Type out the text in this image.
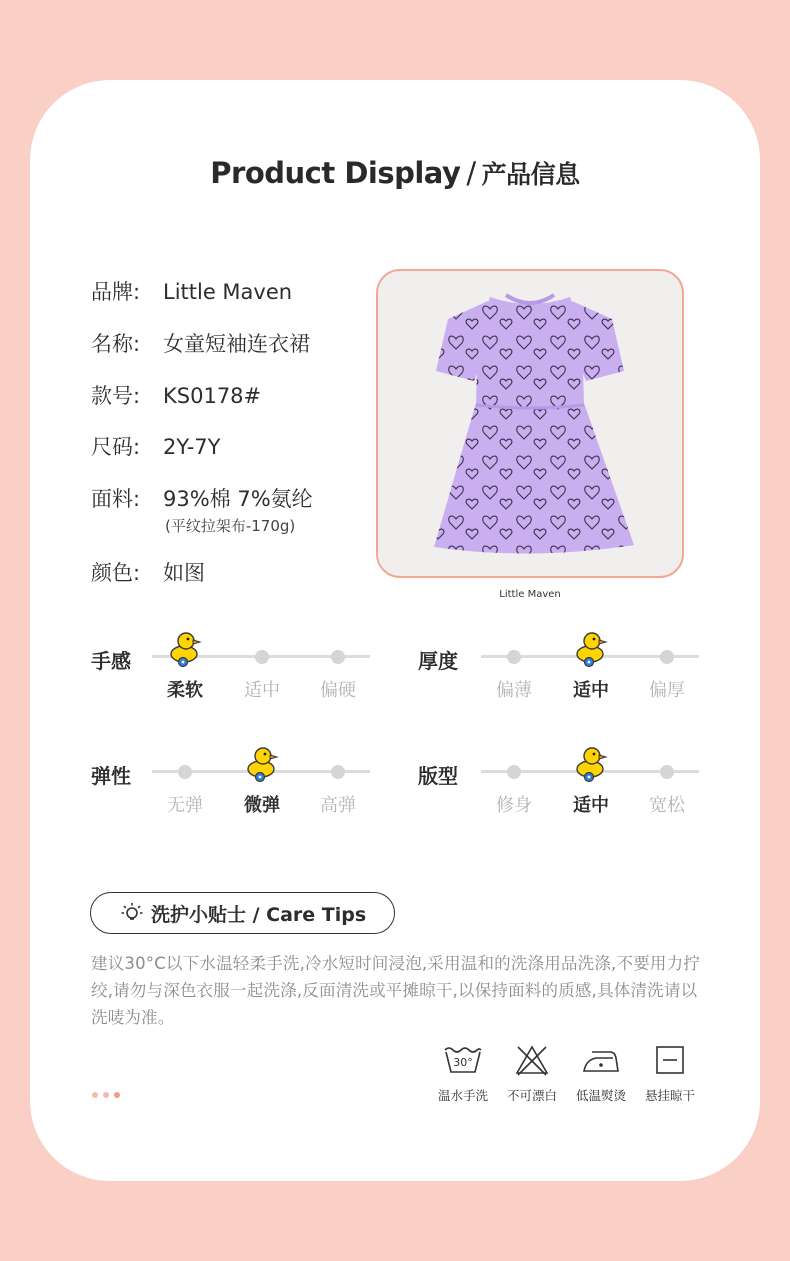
Product Display / 产品信息
品牌: Little Maven
名称: 女童短袖连衣裙
款号: KS0178#
尺码: 2Y-7Y
面料: 93%棉 7%氨纶
(平纹拉架布-170g)
颜色: 如图
Little Maven
手感
柔软	适中	偏硬
厚度
偏薄	适中	偏厚
弹性
无弹	微弹	高弹
版型
修身	适中	宽松
洗护小贴士 / Care Tips
建议30°C以下水温轻柔手洗,冷水短时间浸泡,采用温和的洗涤用品洗涤,不要用力拧绞,请勿与深色衣服一起洗涤,反面清洗或平摊晾干,以保持面料的质感,具体清洗请以洗唛为准。
30°
温水手洗	不可漂白	低温熨烫	悬挂晾干
